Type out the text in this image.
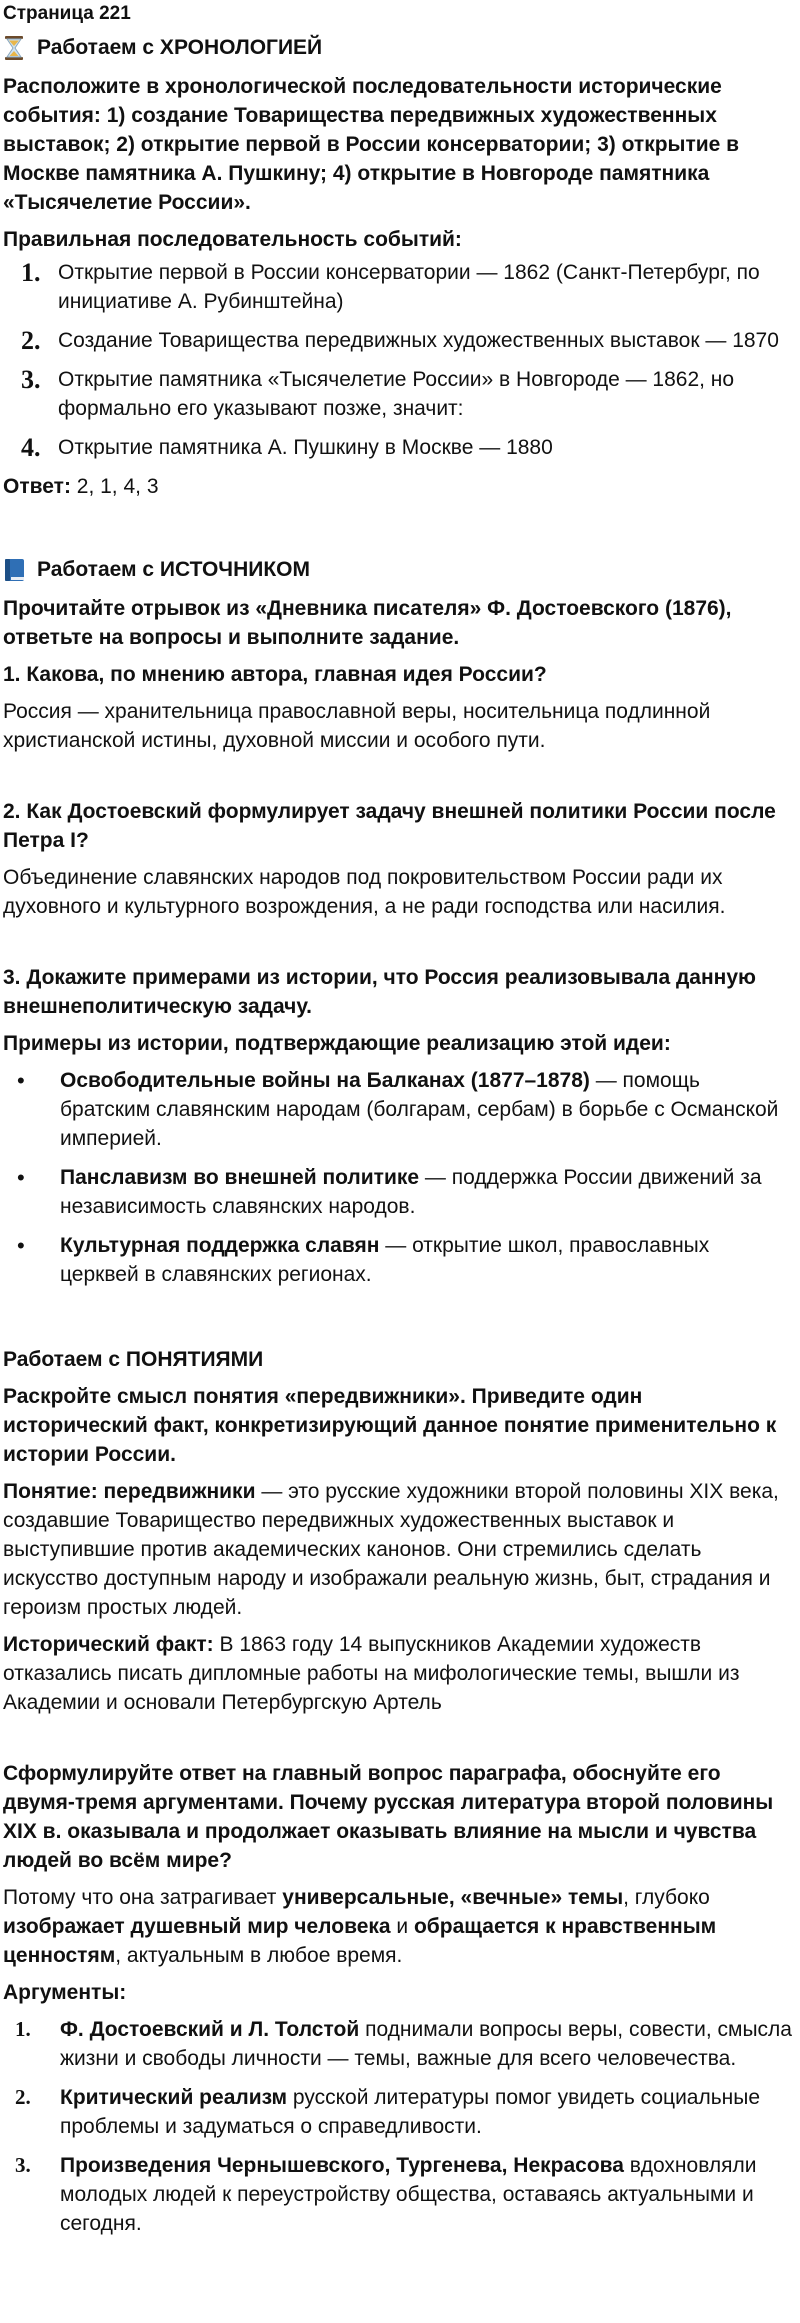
Страница 221
Работаем с ХРОНОЛОГИЕЙ

Расположите в хронологической последовательности исторические события: 1) создание Товарищества передвижных художественных выставок; 2) открытие первой в России консерватории; 3) открытие в Москве памятника А. Пушкину; 4) открытие в Новгороде памятника «Тысячелетие России».

Правильная последовательность событий:

1. Открытие первой в России консерватории — 1862 (Санкт-Петербург, по инициативе А. Рубинштейна)
2. Создание Товарищества передвижных художественных выставок — 1870
3. Открытие памятника «Тысячелетие России» в Новгороде — 1862, но формально его указывают позже, значит:
4. Открытие памятника А. Пушкину в Москве — 1880

Ответ: 2, 1, 4, 3

Работаем с ИСТОЧНИКОМ

Прочитайте отрывок из «Дневника писателя» Ф. Достоевского (1876), ответьте на вопросы и выполните задание.

1. Какова, по мнению автора, главная идея России?

Россия — хранительница православной веры, носительница подлинной христианской истины, духовной миссии и особого пути.

2. Как Достоевский формулирует задачу внешней политики России после Петра I?

Объединение славянских народов под покровительством России ради их духовного и культурного возрождения, а не ради господства или насилия.

3. Докажите примерами из истории, что Россия реализовывала данную внешнеполитическую задачу.

Примеры из истории, подтверждающие реализацию этой идеи:

•	Освободительные войны на Балканах (1877–1878) — помощь братским славянским народам (болгарам, сербам) в борьбе с Османской империей.
•	Панславизм во внешней политике — поддержка России движений за независимость славянских народов.
•	Культурная поддержка славян — открытие школ, православных церквей в славянских регионах.
Работаем с ПОНЯТИЯМИ

Раскройте смысл понятия «передвижники». Приведите один исторический факт, конкретизирующий данное понятие применительно к истории России.

Понятие: передвижники — это русские художники второй половины XIX века, создавшие Товарищество передвижных художественных выставок и выступившие против академических канонов. Они стремились сделать искусство доступным народу и изображали реальную жизнь, быт, страдания и героизм простых людей.

Исторический факт: В 1863 году 14 выпускников Академии художеств отказались писать дипломные работы на мифологические темы, вышли из Академии и основали Петербургскую Артель

Сформулируйте ответ на главный вопрос параграфа, обоснуйте его двумя-тремя аргументами. Почему русская литература второй половины XIX в. оказывала и продолжает оказывать влияние на мысли и чувства людей во всём мире?

Потому что она затрагивает универсальные, «вечные» темы, глубоко изображает душевный мир человека и обращается к нравственным ценностям, актуальным в любое время.

Аргументы:

1.	Ф. Достоевский и Л. Толстой поднимали вопросы веры, совести, смысла жизни и свободы личности — темы, важные для всего человечества.
2.	Критический реализм русской литературы помог увидеть социальные проблемы и задуматься о справедливости.
3.	Произведения Чернышевского, Тургенева, Некрасова вдохновляли молодых людей к переустройству общества, оставаясь актуальными и сегодня.
